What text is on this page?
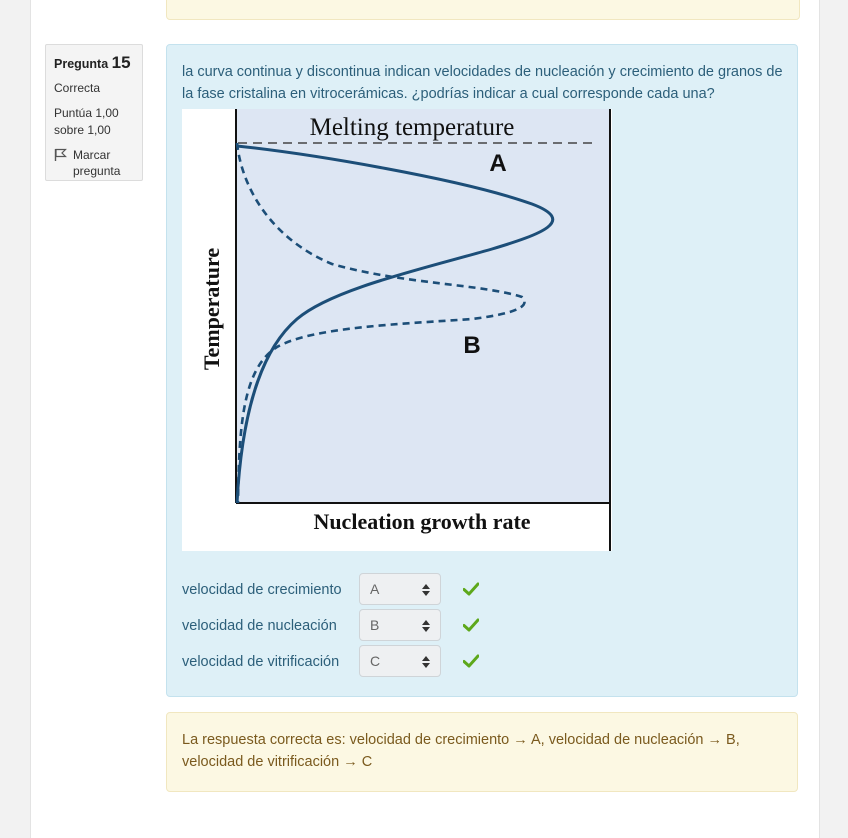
Pregunta 15
Correcta
Puntúa 1,00 sobre 1,00
Marcar pregunta
la curva continua y discontinua indican velocidades de nucleación y crecimiento de granos de la fase cristalina en vitrocerámicas. ¿podrías indicar a cual corresponde cada una?
Melting temperature
A
B
Temperature
Nucleation growth rate
velocidad de crecimiento A
velocidad de nucleación B
velocidad de vitrificación C
La respuesta correcta es: velocidad de crecimiento → A, velocidad de nucleación → B, velocidad de vitrificación → C
